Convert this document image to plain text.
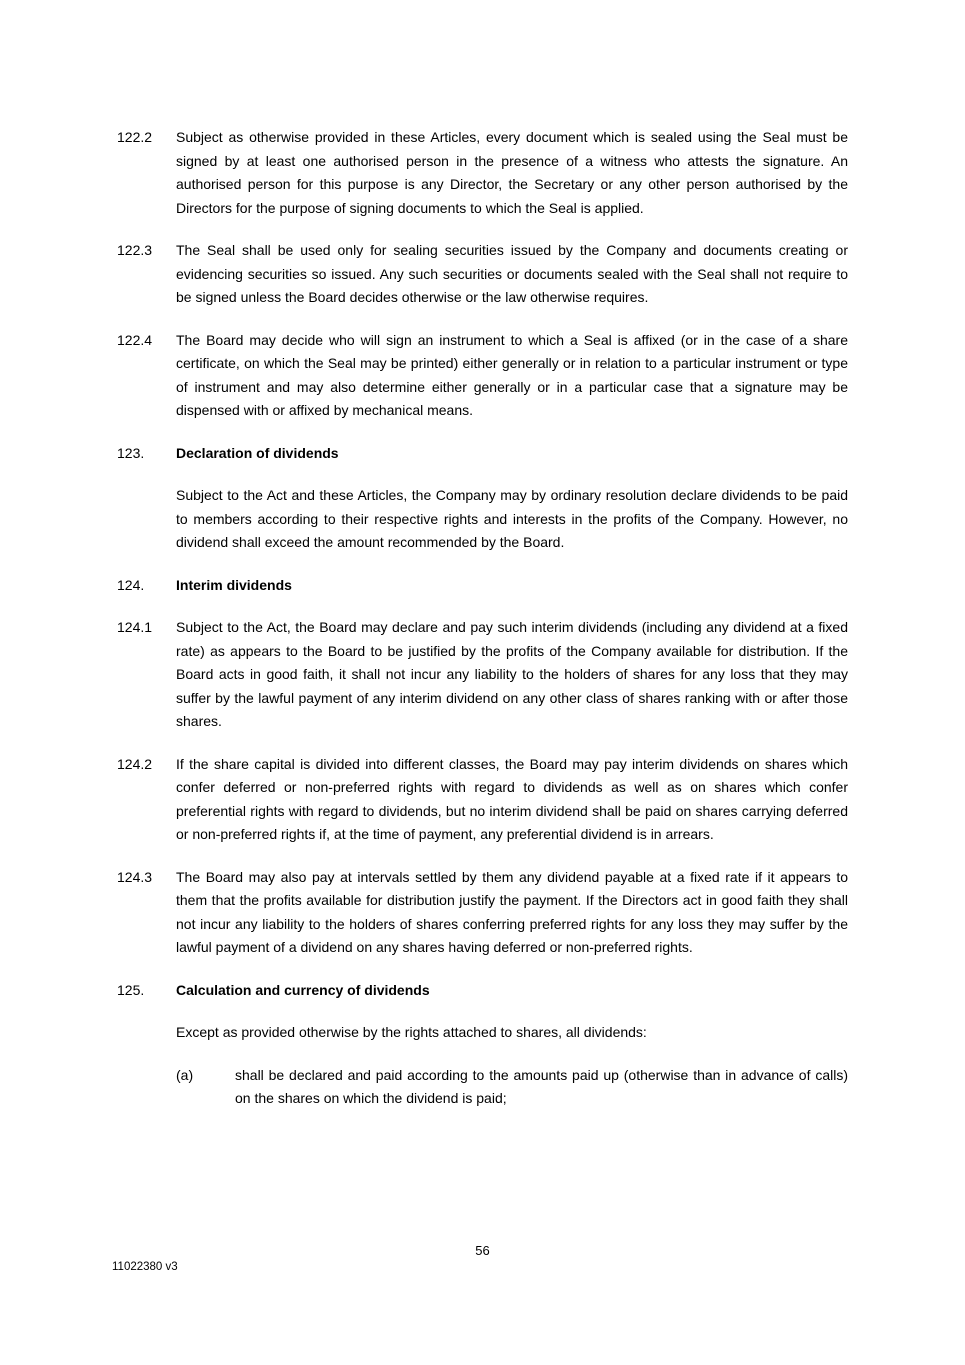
122.2	Subject as otherwise provided in these Articles, every document which is sealed using the Seal must be signed by at least one authorised person in the presence of a witness who attests the signature. An authorised person for this purpose is any Director, the Secretary or any other person authorised by the Directors for the purpose of signing documents to which the Seal is applied.
122.3	The Seal shall be used only for sealing securities issued by the Company and documents creating or evidencing securities so issued. Any such securities or documents sealed with the Seal shall not require to be signed unless the Board decides otherwise or the law otherwise requires.
122.4	The Board may decide who will sign an instrument to which a Seal is affixed (or in the case of a share certificate, on which the Seal may be printed) either generally or in relation to a particular instrument or type of instrument and may also determine either generally or in a particular case that a signature may be dispensed with or affixed by mechanical means.
123.	Declaration of dividends
Subject to the Act and these Articles, the Company may by ordinary resolution declare dividends to be paid to members according to their respective rights and interests in the profits of the Company. However, no dividend shall exceed the amount recommended by the Board.
124.	Interim dividends
124.1	Subject to the Act, the Board may declare and pay such interim dividends (including any dividend at a fixed rate) as appears to the Board to be justified by the profits of the Company available for distribution. If the Board acts in good faith, it shall not incur any liability to the holders of shares for any loss that they may suffer by the lawful payment of any interim dividend on any other class of shares ranking with or after those shares.
124.2	If the share capital is divided into different classes, the Board may pay interim dividends on shares which confer deferred or non-preferred rights with regard to dividends as well as on shares which confer preferential rights with regard to dividends, but no interim dividend shall be paid on shares carrying deferred or non-preferred rights if, at the time of payment, any preferential dividend is in arrears.
124.3	The Board may also pay at intervals settled by them any dividend payable at a fixed rate if it appears to them that the profits available for distribution justify the payment. If the Directors act in good faith they shall not incur any liability to the holders of shares conferring preferred rights for any loss they may suffer by the lawful payment of a dividend on any shares having deferred or non-preferred rights.
125.	Calculation and currency of dividends
Except as provided otherwise by the rights attached to shares, all dividends:
(a)	shall be declared and paid according to the amounts paid up (otherwise than in advance of calls) on the shares on which the dividend is paid;
56
11022380 v3
